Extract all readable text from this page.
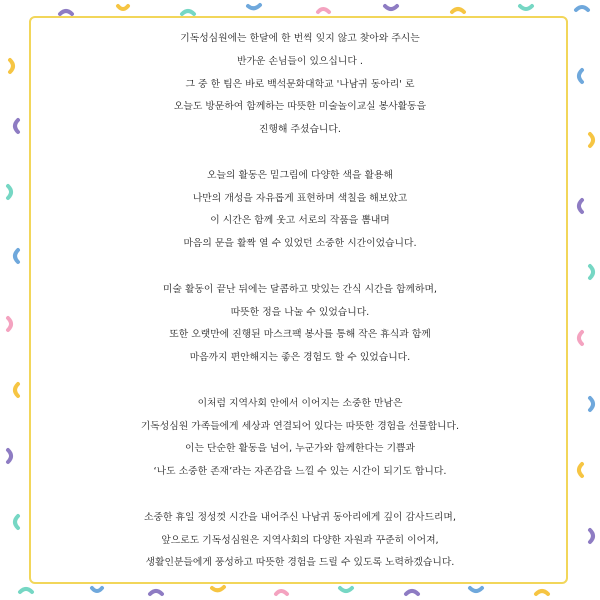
기독성심원에는 한달에 한 번씩 잊지 않고 찾아와 주시는
반가운 손님들이 있으십니다 .
그 중 한 팀은 바로 백석문화대학교 '나남귀 동아리' 로
오늘도 방문하여 함께하는 따뜻한 미술놀이교실 봉사활동을
진행해 주셨습니다.

오늘의 활동은 밑그림에 다양한 색을 활용해
나만의 개성을 자유롭게 표현하며 색칠을 해보았고
이 시간은 함께 웃고 서로의 작품을 뽐내며
마음의 문을 활짝 열 수 있었던 소중한 시간이었습니다.

미술 활동이 끝난 뒤에는 달콤하고 맛있는 간식 시간을 함께하며,
따뜻한 정을 나눌 수 있었습니다.
또한 오랫만에 진행된 마스크팩 봉사를 통해 작은 휴식과 함께
마음까지 편안해지는 좋은 경험도 할 수 있었습니다.

이처럼 지역사회 안에서 이어지는 소중한 만남은
기독성심원 가족들에게 세상과 연결되어 있다는 따뜻한 경험을 선물합니다.
이는 단순한 활동을 넘어, 누군가와 함께한다는 기쁨과
‘나도 소중한 존재’라는 자존감을 느낄 수 있는 시간이 되기도 합니다.

소중한 휴일 정성껏 시간을 내어주신 나남귀 동아리에게 깊이 감사드리며,
앞으로도 기독성심원은 지역사회의 다양한 자원과 꾸준히 이어져,
생활인분들에게 풍성하고 따뜻한 경험을 드릴 수 있도록 노력하겠습니다.
